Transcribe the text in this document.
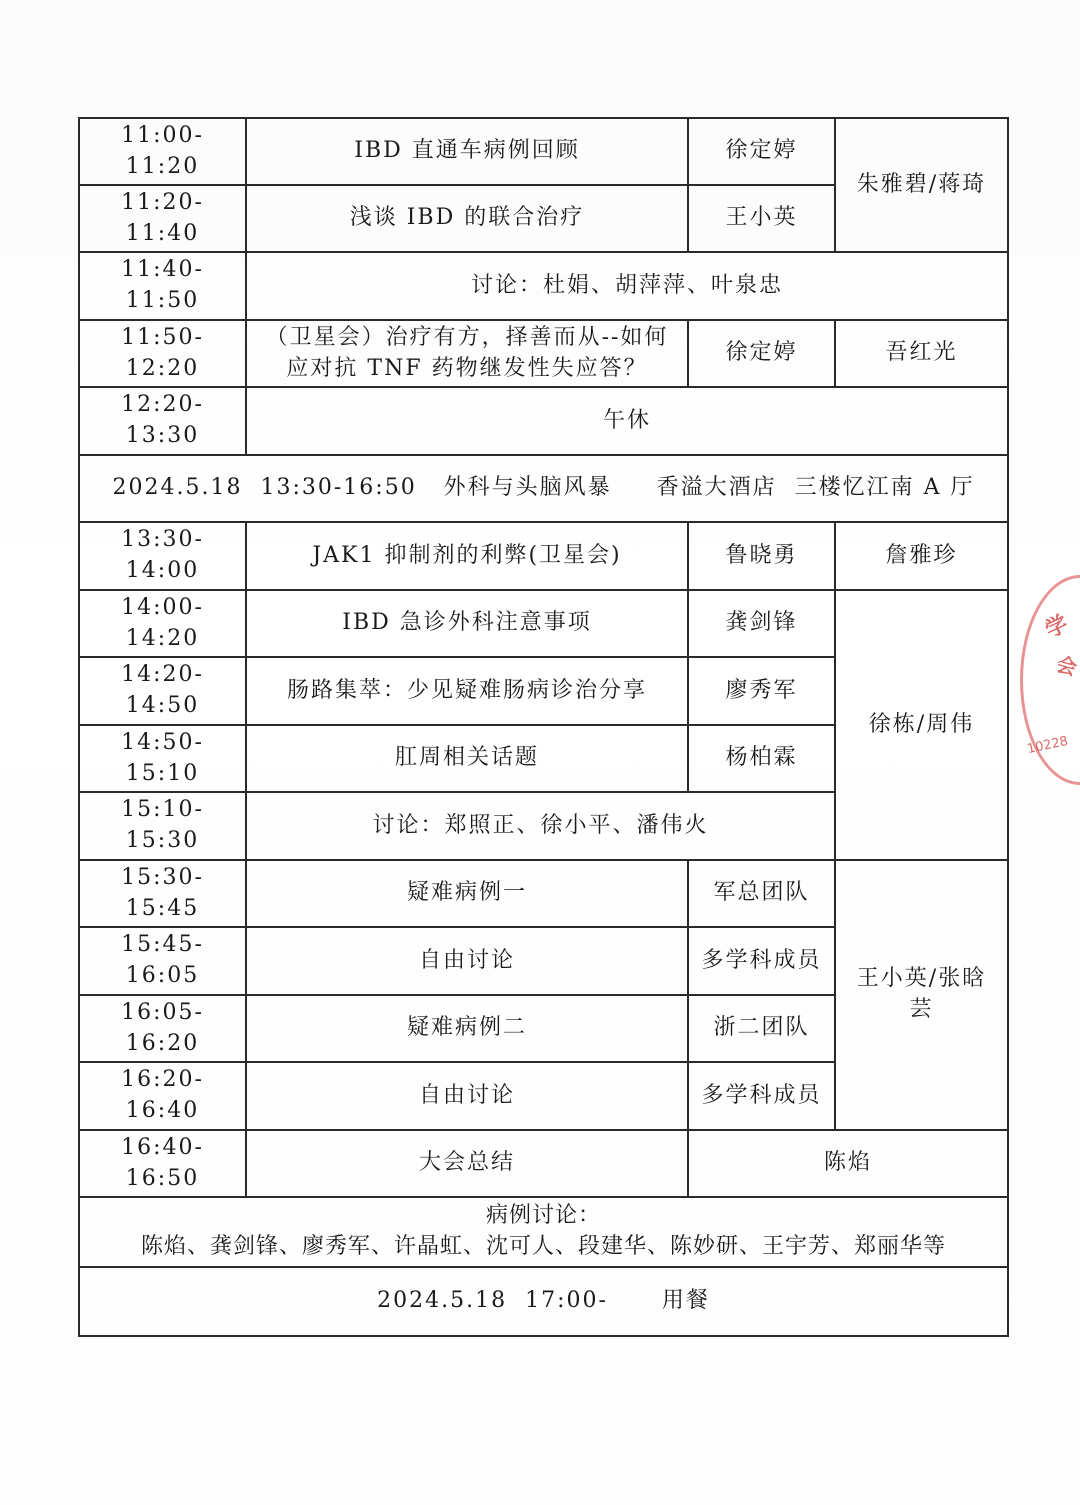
11:00-11:20	IBD 直通车病例回顾	徐定婷	朱雅碧/蒋琦
11:20-11:40	浅谈 IBD 的联合治疗	王小英	
11:40-11:50	讨论：杜娟、胡萍萍、叶泉忠		
11:50-12:20	（卫星会）治疗有方，择善而从--如何
应对抗 TNF 药物继发性失应答？	徐定婷	吾红光
12:20-13:30	午休		
2024.5.18  13:30-16:50   外科与头脑风暴     香溢大酒店  三楼忆江南 A 厅			
13:30-14:00	JAK1 抑制剂的利弊(卫星会)	鲁晓勇	詹雅珍
14:00-14:20	IBD 急诊外科注意事项	龚剑锋	徐栋/周伟
14:20-14:50	肠路集萃：少见疑难肠病诊治分享	廖秀军	
14:50-15:10	肛周相关话题	杨柏霖	
15:10-15:30	讨论：郑照正、徐小平、潘伟火		
15:30-15:45	疑难病例一	军总团队	王小英/张晗芸
15:45-16:05	自由讨论	多学科成员	
16:05-16:20	疑难病例二	浙二团队	
16:20-16:40	自由讨论	多学科成员	
16:40-16:50	大会总结	陈焰	

病例讨论：
陈焰、龚剑锋、廖秀军、许晶虹、沈可人、段建华、陈妙研、王宇芳、郑丽华等			

2024.5.18  17:00-      用餐			
学
会
10228
